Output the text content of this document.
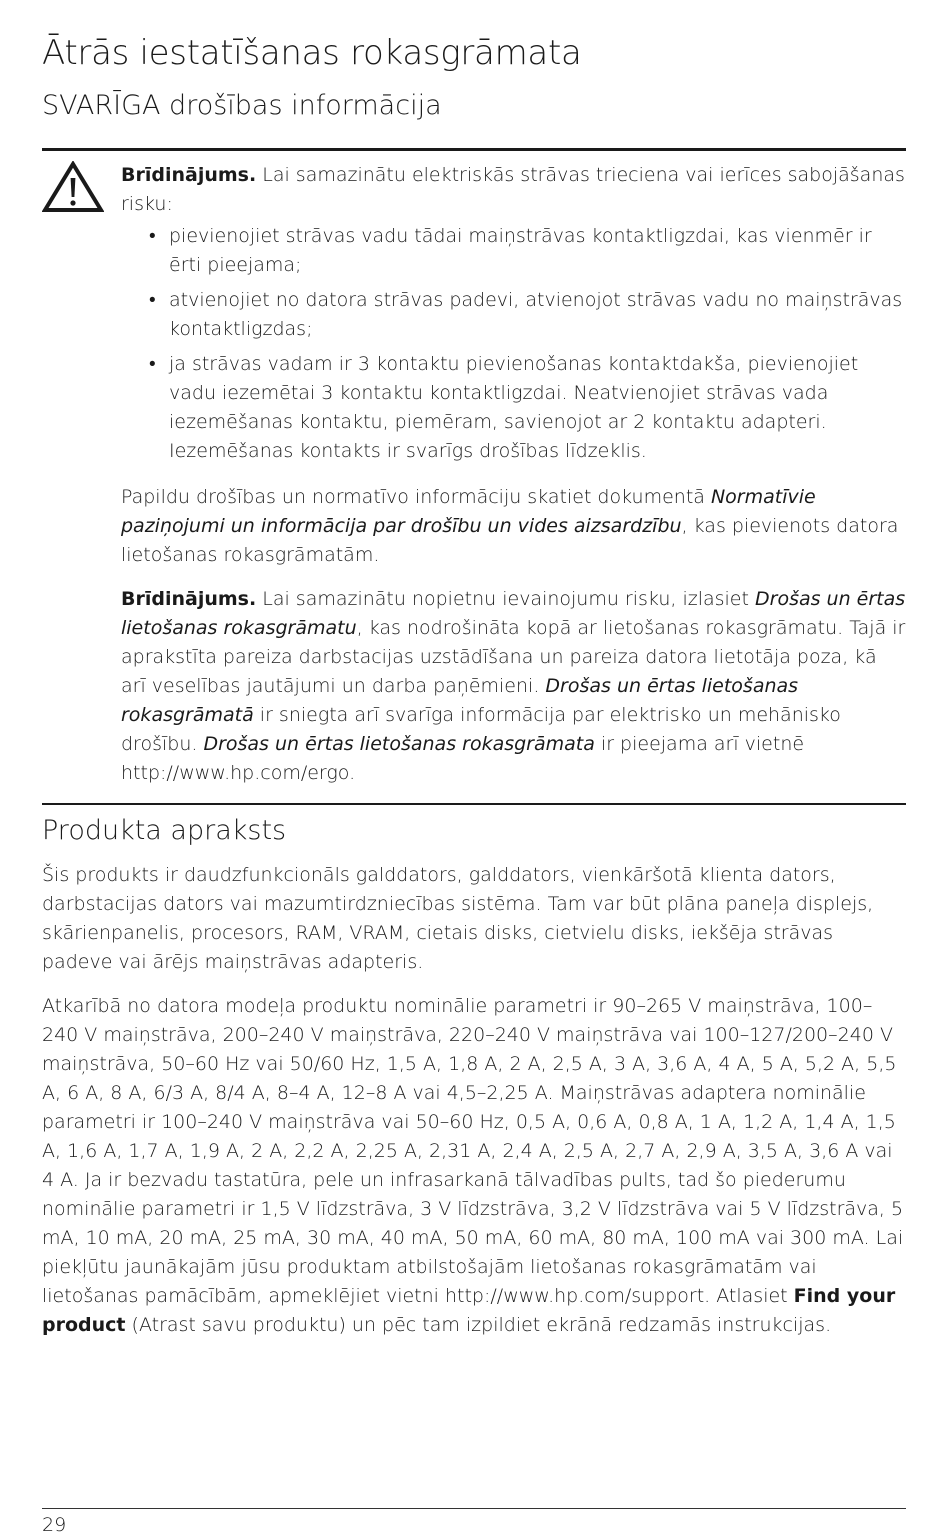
Ātrās iestatīšanas rokasgrāmata
SVARĪGA drošības informācija

Brīdinājums. Lai samazinātu elektriskās strāvas trieciena vai ierīces sabojāšanas risku:

• pievienojiet strāvas vadu tādai maiņstrāvas kontaktligzdai, kas vienmēr ir ērti pieejama;
• atvienojiet no datora strāvas padevi, atvienojot strāvas vadu no maiņstrāvas kontaktligzdas;
• ja strāvas vadam ir 3 kontaktu pievienošanas kontaktdakša, pievienojiet vadu iezemētai 3 kontaktu kontaktligzdai. Neatvienojiet strāvas vada iezemēšanas kontaktu, piemēram, savienojot ar 2 kontaktu adapteri. Iezemēšanas kontakts ir svarīgs drošības līdzeklis.

Papildu drošības un normatīvo informāciju skatiet dokumentā Normatīvie paziņojumi un informācija par drošību un vides aizsardzību, kas pievienots datora lietošanas rokasgrāmatām.

Brīdinājums. Lai samazinātu nopietnu ievainojumu risku, izlasiet Drošas un ērtas lietošanas rokasgrāmatu, kas nodrošināta kopā ar lietošanas rokasgrāmatu. Tajā ir aprakstīta pareiza darbstacijas uzstādīšana un pareiza datora lietotāja poza, kā arī veselības jautājumi un darba paņēmieni. Drošas un ērtas lietošanas rokasgrāmatā ir sniegta arī svarīga informācija par elektrisko un mehānisko drošību. Drošas un ērtas lietošanas rokasgrāmata ir pieejama arī vietnē http://www.hp.com/ergo.

Produkta apraksts

Šis produkts ir daudzfunkcionāls galddators, galddators, vienkāršotā klienta dators, darbstacijas dators vai mazumtirdzniecības sistēma. Tam var būt plāna paneļa displejs, skārienpanelis, procesors, RAM, VRAM, cietais disks, cietvielu disks, iekšēja strāvas padeve vai ārējs maiņstrāvas adapteris.

Atkarībā no datora modeļa produktu nominālie parametri ir 90–265 V maiņstrāva, 100–240 V maiņstrāva, 200–240 V maiņstrāva, 220–240 V maiņstrāva vai 100–127/200–240 V maiņstrāva, 50–60 Hz vai 50/60 Hz, 1,5 A, 1,8 A, 2 A, 2,5 A, 3 A, 3,6 A, 4 A, 5 A, 5,2 A, 5,5 A, 6 A, 8 A, 6/3 A, 8/4 A, 8–4 A, 12–8 A vai 4,5–2,25 A. Maiņstrāvas adaptera nominālie parametri ir 100–240 V maiņstrāva vai 50–60 Hz, 0,5 A, 0,6 A, 0,8 A, 1 A, 1,2 A, 1,4 A, 1,5 A, 1,6 A, 1,7 A, 1,9 A, 2 A, 2,2 A, 2,25 A, 2,31 A, 2,4 A, 2,5 A, 2,7 A, 2,9 A, 3,5 A, 3,6 A vai 4 A. Ja ir bezvadu tastatūra, pele un infrasarkanā tālvadības pults, tad šo piederumu nominālie parametri ir 1,5 V līdzstrāva, 3 V līdzstrāva, 3,2 V līdzstrāva vai 5 V līdzstrāva, 5 mA, 10 mA, 20 mA, 25 mA, 30 mA, 40 mA, 50 mA, 60 mA, 80 mA, 100 mA vai 300 mA. Lai piekļūtu jaunākajām jūsu produktam atbilstošajām lietošanas rokasgrāmatām vai lietošanas pamācībām, apmeklējiet vietni http://www.hp.com/support. Atlasiet Find your product (Atrast savu produktu) un pēc tam izpildiet ekrānā redzamās instrukcijas.

29
